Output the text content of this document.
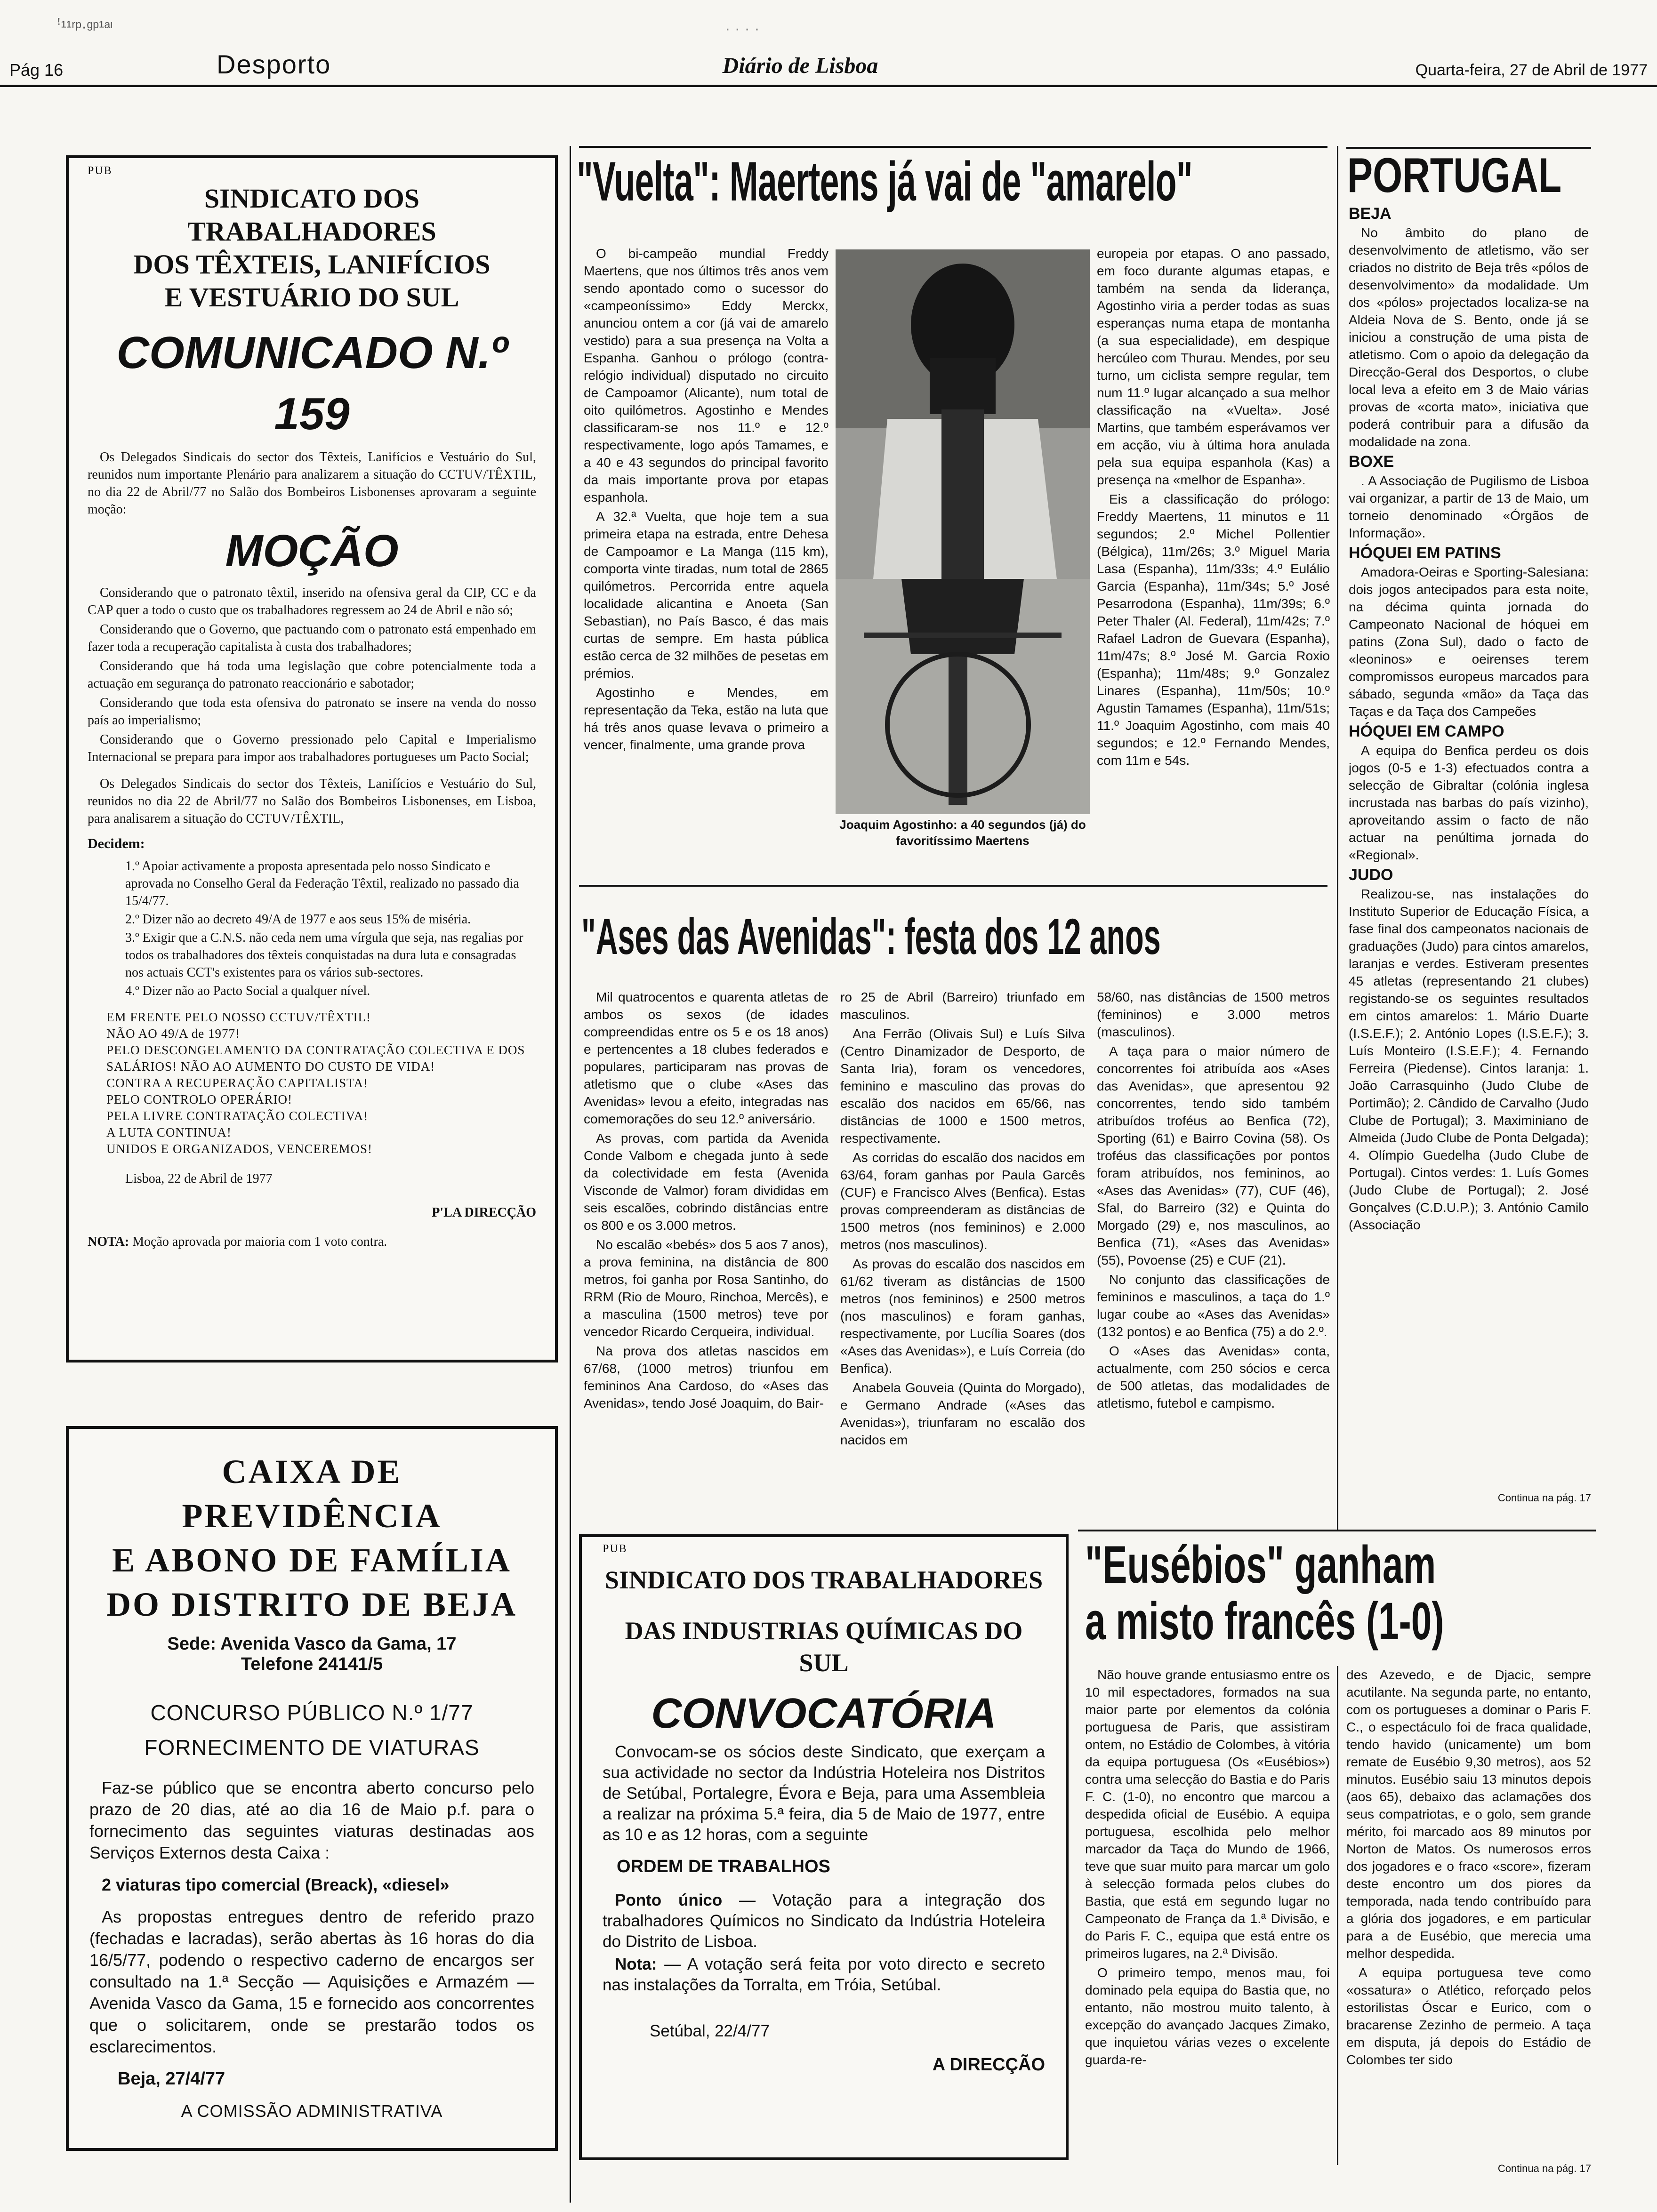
ꜝ¹¹ʳᵖ·ᵍᵖ¹ᵃᶦ	· · · ·
Pág 16	Desporto	Diário de Lisboa	Quarta-feira, 27 de Abril de 1977
PUB
SINDICATO DOS TRABALHADORES
DOS TÊXTEIS, LANIFÍCIOS
E VESTUÁRIO DO SUL
COMUNICADO N.º 159

Os Delegados Sindicais do sector dos Têxteis, Lanifícios e Vestuário do Sul, reunidos num importante Plenário para analizarem a situação do CCTUV/TÊXTIL, no dia 22 de Abril/77 no Salão dos Bombeiros Lisbonenses aprovaram a seguinte moção:

MOÇÃO

Considerando que o patronato têxtil, inserido na ofensiva geral da CIP, CC e da CAP quer a todo o custo que os trabalhadores regressem ao 24 de Abril e não só;

Considerando que o Governo, que pactuando com o patronato está empenhado em fazer toda a recuperação capitalista à custa dos trabalhadores;

Considerando que há toda uma legislação que cobre potencialmente toda a actuação em segurança do patronato reaccionário e sabotador;

Considerando que toda esta ofensiva do patronato se insere na venda do nosso país ao imperialismo;

Considerando que o Governo pressionado pelo Capital e Imperialismo Internacional se prepara para impor aos trabalhadores portugueses um Pacto Social;

Os Delegados Sindicais do sector dos Têxteis, Lanifícios e Vestuário do Sul, reunidos no dia 22 de Abril/77 no Salão dos Bombeiros Lisbonenses, em Lisboa, para analisarem a situação do CCTUV/TÊXTIL,

Decidem:
1.º Apoiar activamente a proposta apresentada pelo nosso Sindicato e aprovada no Conselho Geral da Federação Têxtil, realizado no passado dia 15/4/77.
2.º Dizer não ao decreto 49/A de 1977 e aos seus 15% de miséria.
3.º Exigir que a C.N.S. não ceda nem uma vírgula que seja, nas regalias por todos os trabalhadores dos têxteis conquistadas na dura luta e consagradas nos actuais CCT's existentes para os vários sub-sectores.
4.º Dizer não ao Pacto Social a qualquer nível.

EM FRENTE PELO NOSSO CCTUV/TÊXTIL!

NÃO AO 49/A de 1977!

PELO DESCONGELAMENTO DA CONTRATAÇÃO COLECTIVA E DOS SALÁRIOS! NÃO AO AUMENTO DO CUSTO DE VIDA!

CONTRA A RECUPERAÇÃO CAPITALISTA!

PELO CONTROLO OPERÁRIO!

PELA LIVRE CONTRATAÇÃO COLECTIVA!

A LUTA CONTINUA!

UNIDOS E ORGANIZADOS, VENCEREMOS!

Lisboa, 22 de Abril de 1977
P'LA DIRECÇÃO
NOTA: Moção aprovada por maioria com 1 voto contra.
CAIXA DE PREVIDÊNCIA
E ABONO DE FAMÍLIA
DO DISTRITO DE BEJA
Sede: Avenida Vasco da Gama, 17
Telefone 24141/5
CONCURSO PÚBLICO N.º 1/77
FORNECIMENTO DE VIATURAS

Faz-se público que se encontra aberto concurso pelo prazo de 20 dias, até ao dia 16 de Maio p.f. para o fornecimento das seguintes viaturas destinadas aos Serviços Externos desta Caixa :

2 viaturas tipo comercial (Breack), «diesel»

As propostas entregues dentro de referido prazo (fechadas e lacradas), serão abertas às 16 horas do dia 16/5/77, podendo o respectivo caderno de encargos ser consultado na 1.ª Secção — Aquisições e Armazém — Avenida Vasco da Gama, 15 e fornecido aos concorrentes que o solicitarem, onde se prestarão todos os esclarecimentos.

Beja, 27/4/77
A COMISSÃO ADMINISTRATIVA
"Vuelta": Maertens já vai de "amarelo"

O bi-campeão mundial Freddy Maertens, que nos últimos três anos vem sendo apontado como o sucessor do «campeoníssimo» Eddy Merckx, anunciou ontem a cor (já vai de amarelo vestido) para a sua presença na Volta a Espanha. Ganhou o prólogo (contra-relógio individual) disputado no circuito de Campoamor (Alicante), num total de oito quilómetros. Agostinho e Mendes classificaram-se nos 11.º e 12.º respectivamente, logo após Tamames, e a 40 e 43 segundos do principal favorito da mais importante prova por etapas espanhola.

A 32.ª Vuelta, que hoje tem a sua primeira etapa na estrada, entre Dehesa de Campoamor e La Manga (115 km), comporta vinte tiradas, num total de 2865 quilómetros. Percorrida entre aquela localidade alicantina e Anoeta (San Sebastian), no País Basco, é das mais curtas de sempre. Em hasta pública estão cerca de 32 milhões de pesetas em prémios.

Agostinho e Mendes, em representação da Teka, estão na luta que há três anos quase levava o primeiro a vencer, finalmente, uma grande prova

Joaquim Agostinho: a 40 segundos (já) do favoritíssimo Maertens

europeia por etapas. O ano passado, em foco durante algumas etapas, e também na senda da liderança, Agostinho viria a perder todas as suas esperanças numa etapa de montanha (a sua especialidade), em despique hercúleo com Thurau. Mendes, por seu turno, um ciclista sempre regular, tem num 11.º lugar alcançado a sua melhor classificação na «Vuelta». José Martins, que também esperávamos ver em acção, viu à última hora anulada pela sua equipa espanhola (Kas) a presença na «melhor de Espanha».

Eis a classificação do prólogo: Freddy Maertens, 11 minutos e 11 segundos; 2.º Michel Pollentier (Bélgica), 11m/26s; 3.º Miguel Maria Lasa (Espanha), 11m/33s; 4.º Eulálio Garcia (Espanha), 11m/34s; 5.º José Pesarrodona (Espanha), 11m/39s; 6.º Peter Thaler (Al. Federal), 11m/42s; 7.º Rafael Ladron de Guevara (Espanha), 11m/47s; 8.º José M. Garcia Roxio (Espanha); 11m/48s; 9.º Gonzalez Linares (Espanha), 11m/50s; 10.º Agustin Tamames (Espanha), 11m/51s; 11.º Joaquim Agostinho, com mais 40 segundos; e 12.º Fernando Mendes, com 11m e 54s.

"Ases das Avenidas": festa dos 12 anos

Mil quatrocentos e quarenta atletas de ambos os sexos (de idades compreendidas entre os 5 e os 18 anos) e pertencentes a 18 clubes federados e populares, participaram nas provas de atletismo que o clube «Ases das Avenidas» levou a efeito, integradas nas comemorações do seu 12.º aniversário.

As provas, com partida da Avenida Conde Valbom e chegada junto à sede da colectividade em festa (Avenida Visconde de Valmor) foram divididas em seis escalões, cobrindo distâncias entre os 800 e os 3.000 metros.

No escalão «bebés» dos 5 aos 7 anos), a prova feminina, na distância de 800 metros, foi ganha por Rosa Santinho, do RRM (Rio de Mouro, Rinchoa, Mercês), e a masculina (1500 metros) teve por vencedor Ricardo Cerqueira, individual.

Na prova dos atletas nascidos em 67/68, (1000 metros) triunfou em femininos Ana Cardoso, do «Ases das Avenidas», tendo José Joaquim, do Bair-

ro 25 de Abril (Barreiro) triunfado em masculinos.

Ana Ferrão (Olivais Sul) e Luís Silva (Centro Dinamizador de Desporto, de Santa Iria), foram os vencedores, feminino e masculino das provas do escalão dos nacidos em 65/66, nas distâncias de 1000 e 1500 metros, respectivamente.

As corridas do escalão dos nacidos em 63/64, foram ganhas por Paula Garcês (CUF) e Francisco Alves (Benfica). Estas provas compreenderam as distâncias de 1500 metros (nos femininos) e 2.000 metros (nos masculinos).

As provas do escalão dos nascidos em 61/62 tiveram as distâncias de 1500 metros (nos femininos) e 2500 metros (nos masculinos) e foram ganhas, respectivamente, por Lucília Soares (dos «Ases das Avenidas»), e Luís Correia (do Benfica).

Anabela Gouveia (Quinta do Morgado), e Germano Andrade («Ases das Avenidas»), triunfaram no escalão dos nacidos em

58/60, nas distâncias de 1500 metros (femininos) e 3.000 metros (masculinos).

A taça para o maior número de concorrentes foi atribuída aos «Ases das Avenidas», que apresentou 92 concorrentes, tendo sido também atribuídos troféus ao Benfica (72), Sporting (61) e Bairro Covina (58). Os troféus das classificações por pontos foram atribuídos, nos femininos, ao «Ases das Avenidas» (77), CUF (46), Sfal, do Barreiro (32) e Quinta do Morgado (29) e, nos masculinos, ao Benfica (71), «Ases das Avenidas» (55), Povoense (25) e CUF (21).

No conjunto das classificações de femininos e masculinos, a taça do 1.º lugar coube ao «Ases das Avenidas» (132 pontos) e ao Benfica (75) a do 2.º.

O «Ases das Avenidas» conta, actualmente, com 250 sócios e cerca de 500 atletas, das modalidades de atletismo, futebol e campismo.

PUB
SINDICATO DOS TRABALHADORES
DAS INDUSTRIAS QUÍMICAS DO SUL
CONVOCATÓRIA

Convocam-se os sócios deste Sindicato, que exerçam a sua actividade no sector da Indústria Hoteleira nos Distritos de Setúbal, Portalegre, Évora e Beja, para uma Assembleia a realizar na próxima 5.ª feira, dia 5 de Maio de 1977, entre as 10 e as 12 horas, com a seguinte

ORDEM DE TRABALHOS

Ponto único — Votação para a integração dos trabalhadores Químicos no Sindicato da Indústria Hoteleira do Distrito de Lisboa.

Nota: — A votação será feita por voto directo e secreto nas instalações da Torralta, em Tróia, Setúbal.

Setúbal, 22/4/77
A DIRECÇÃO
PORTUGAL
BEJA

No âmbito do plano de desenvolvimento de atletismo, vão ser criados no distrito de Beja três «pólos de desenvolvimento» da modalidade. Um dos «pólos» projectados localiza-se na Aldeia Nova de S. Bento, onde já se iniciou a construção de uma pista de atletismo. Com o apoio da delegação da Direcção-Geral dos Desportos, o clube local leva a efeito em 3 de Maio várias provas de «corta mato», iniciativa que poderá contribuir para a difusão da modalidade na zona.

BOXE

. A Associação de Pugilismo de Lisboa vai organizar, a partir de 13 de Maio, um torneio denominado «Órgãos de Informação».

HÓQUEI EM PATINS

Amadora-Oeiras e Sporting-Salesiana: dois jogos antecipados para esta noite, na décima quinta jornada do Campeonato Nacional de hóquei em patins (Zona Sul), dado o facto de «leoninos» e oeirenses terem compromissos europeus marcados para sábado, segunda «mão» da Taça das Taças e da Taça dos Campeões

HÓQUEI EM CAMPO

A equipa do Benfica perdeu os dois jogos (0-5 e 1-3) efectuados contra a selecção de Gibraltar (colónia inglesa incrustada nas barbas do país vizinho), aproveitando assim o facto de não actuar na penúltima jornada do «Regional».

JUDO

Realizou-se, nas instalações do Instituto Superior de Educação Física, a fase final dos campeonatos nacionais de graduações (Judo) para cintos amarelos, laranjas e verdes. Estiveram presentes 45 atletas (representando 21 clubes) registando-se os seguintes resultados em cintos amarelos: 1. Mário Duarte (I.S.E.F.); 2. António Lopes (I.S.E.F.); 3. Luís Monteiro (I.S.E.F.); 4. Fernando Ferreira (Piedense). Cintos laranja: 1. João Carrasquinho (Judo Clube de Portimão); 2. Cândido de Carvalho (Judo Clube de Portugal); 3. Maximiniano de Almeida (Judo Clube de Ponta Delgada); 4. Olímpio Guedelha (Judo Clube de Portugal). Cintos verdes: 1. Luís Gomes (Judo Clube de Portugal); 2. José Gonçalves (C.D.U.P.); 3. António Camilo (Associação

Continua na pág. 17
"Eusébios" ganham
a misto francês (1-0)

Não houve grande entusiasmo entre os 10 mil espectadores, formados na sua maior parte por elementos da colónia portuguesa de Paris, que assistiram ontem, no Estádio de Colombes, à vitória da equipa portuguesa (Os «Eusébios») contra uma selecção do Bastia e do Paris F. C. (1-0), no encontro que marcou a despedida oficial de Eusébio. A equipa portuguesa, escolhida pelo melhor marcador da Taça do Mundo de 1966, teve que suar muito para marcar um golo à selecção formada pelos clubes do Bastia, que está em segundo lugar no Campeonato de França da 1.ª Divisão, e do Paris F. C., equipa que está entre os primeiros lugares, na 2.ª Divisão.

O primeiro tempo, menos mau, foi dominado pela equipa do Bastia que, no entanto, não mostrou muito talento, à excepção do avançado Jacques Zimako, que inquietou várias vezes o excelente guarda-re-

des Azevedo, e de Djacic, sempre acutilante. Na segunda parte, no entanto, com os portugueses a dominar o Paris F. C., o espectáculo foi de fraca qualidade, tendo havido (unicamente) um bom remate de Eusébio 9,30 metros), aos 52 minutos. Eusébio saiu 13 minutos depois (aos 65), debaixo das aclamações dos seus compatriotas, e o golo, sem grande mérito, foi marcado aos 89 minutos por Norton de Matos. Os numerosos erros dos jogadores e o fraco «score», fizeram deste encontro um dos piores da temporada, nada tendo contribuído para a glória dos jogadores, e em particular para a de Eusébio, que merecia uma melhor despedida.

A equipa portuguesa teve como «ossatura» o Atlético, reforçado pelos estorilistas Óscar e Eurico, com o bracarense Zezinho de permeio. A taça em disputa, já depois do Estádio de Colombes ter sido

Continua na pág. 17
